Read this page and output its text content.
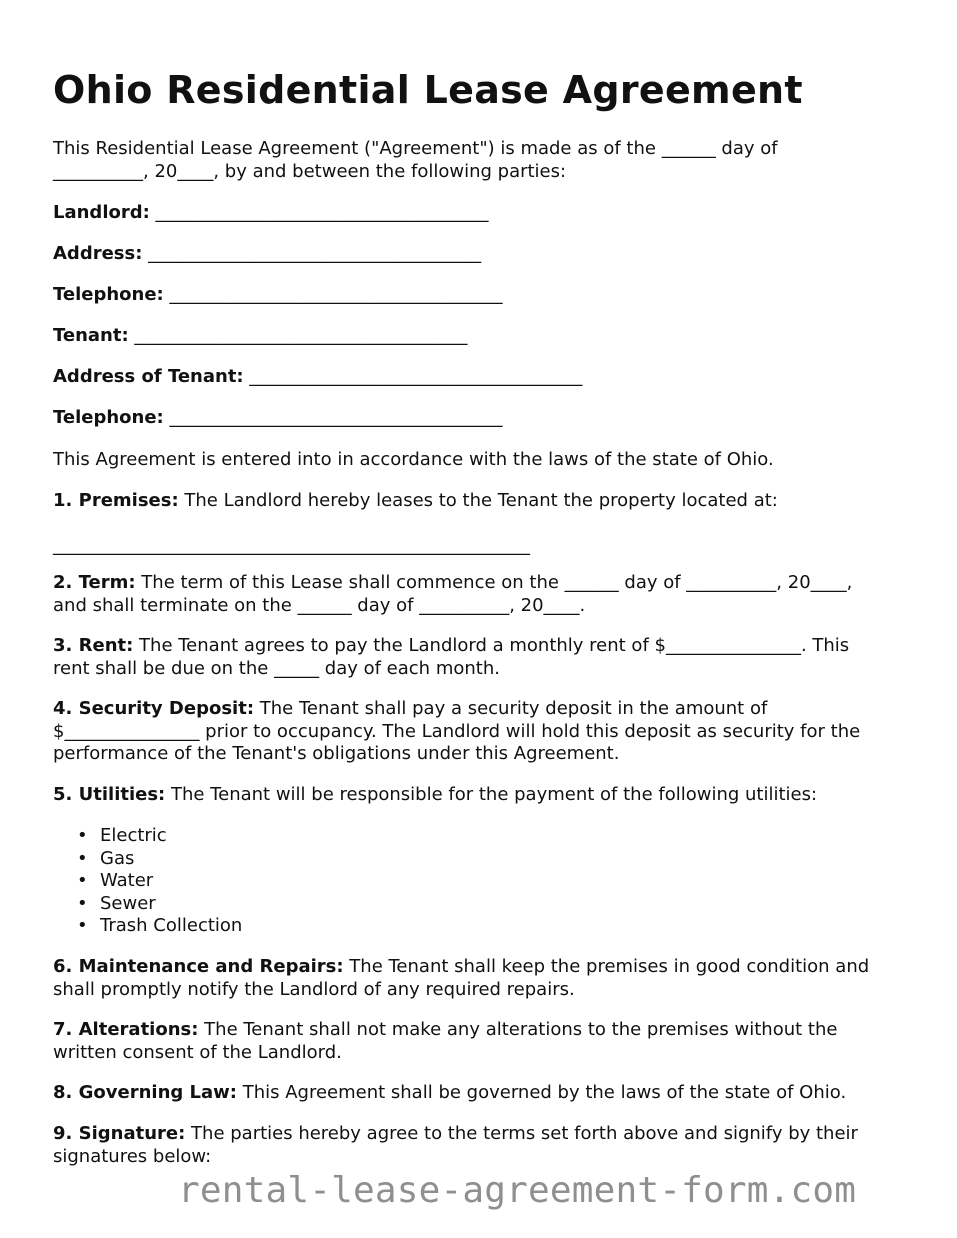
Ohio Residential Lease Agreement
This Residential Lease Agreement ("Agreement") is made as of the ______ day of
__________, 20____, by and between the following parties:
Landlord: _____________________________________
Address: _____________________________________
Telephone: _____________________________________
Tenant: _____________________________________
Address of Tenant: _____________________________________
Telephone: _____________________________________
This Agreement is entered into in accordance with the laws of the state of Ohio.
1. Premises: The Landlord hereby leases to the Tenant the property located at:
_____________________________________________________
2. Term: The term of this Lease shall commence on the ______ day of __________, 20____,
and shall terminate on the ______ day of __________, 20____.
3. Rent: The Tenant agrees to pay the Landlord a monthly rent of $_______________. This
rent shall be due on the _____ day of each month.
4. Security Deposit: The Tenant shall pay a security deposit in the amount of
$_______________ prior to occupancy. The Landlord will hold this deposit as security for the
performance of the Tenant's obligations under this Agreement.
5. Utilities: The Tenant will be responsible for the payment of the following utilities:
• Electric
• Gas
• Water
• Sewer
• Trash Collection
6. Maintenance and Repairs: The Tenant shall keep the premises in good condition and
shall promptly notify the Landlord of any required repairs.
7. Alterations: The Tenant shall not make any alterations to the premises without the
written consent of the Landlord.
8. Governing Law: This Agreement shall be governed by the laws of the state of Ohio.
9. Signature: The parties hereby agree to the terms set forth above and signify by their
signatures below:
rental-lease-agreement-form.com
